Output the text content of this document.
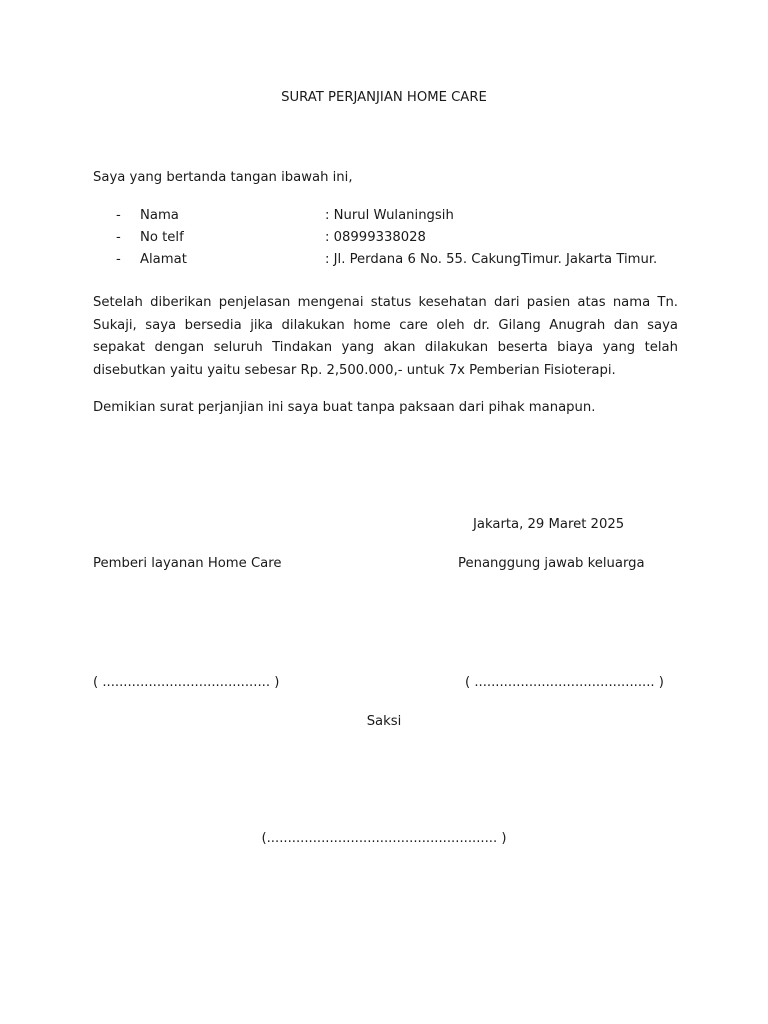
SURAT PERJANJIAN HOME CARE
Saya yang bertanda tangan ibawah ini,
- Nama	: Nurul Wulaningsih
- No telf	: 08999338028
- Alamat	: Jl. Perdana 6 No. 55. CakungTimur. Jakarta Timur.
Setelah diberikan penjelasan mengenai status kesehatan dari pasien atas nama Tn. Sukaji, saya bersedia jika dilakukan home care oleh dr. Gilang Anugrah dan saya sepakat dengan seluruh Tindakan yang akan dilakukan beserta biaya yang telah disebutkan yaitu yaitu sebesar Rp. 2,500.000,- untuk 7x Pemberian Fisioterapi.
Demikian surat perjanjian ini saya buat tanpa paksaan dari pihak manapun.
Jakarta, 29 Maret 2025
Pemberi layanan Home Care	Penanggung jawab keluarga
( ........................................ )	( ........................................... )
Saksi
(....................................................... )
